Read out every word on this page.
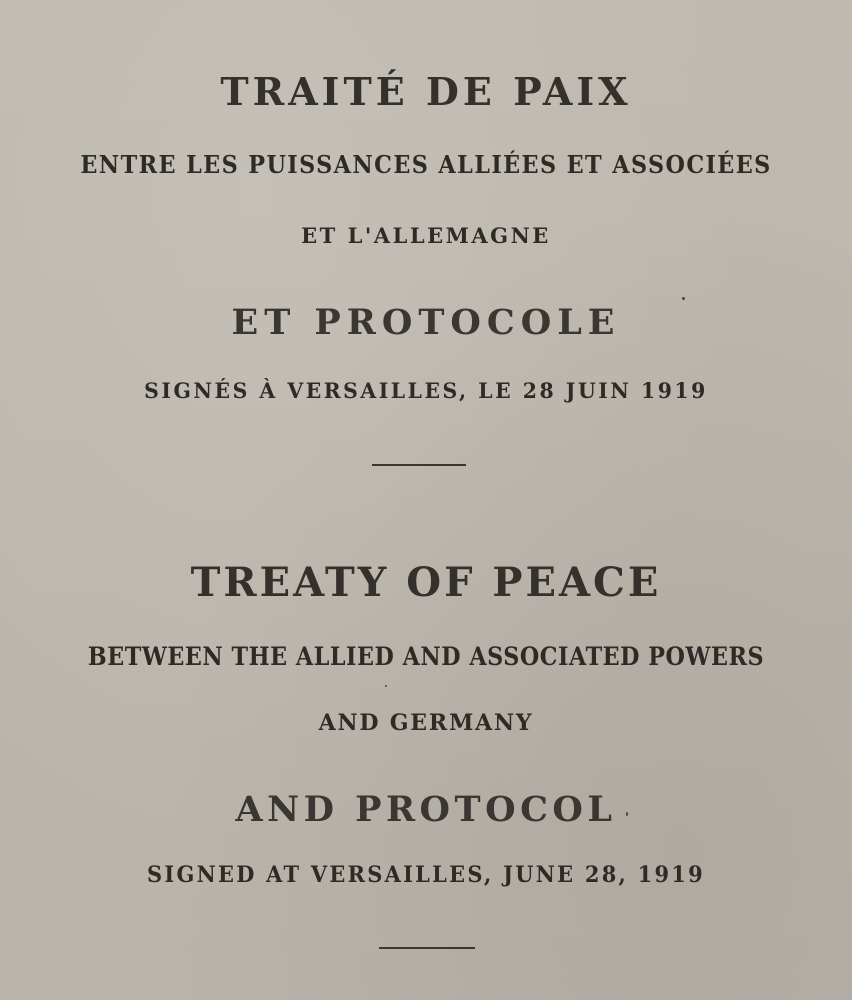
TRAITÉ DE PAIX
ENTRE LES PUISSANCES ALLIÉES ET ASSOCIÉES
ET L'ALLEMAGNE
ET PROTOCOLE
SIGNÉS À VERSAILLES, LE 28 JUIN 1919
TREATY OF PEACE
BETWEEN THE ALLIED AND ASSOCIATED POWERS
AND GERMANY
AND PROTOCOL
SIGNED AT VERSAILLES, JUNE 28, 1919
